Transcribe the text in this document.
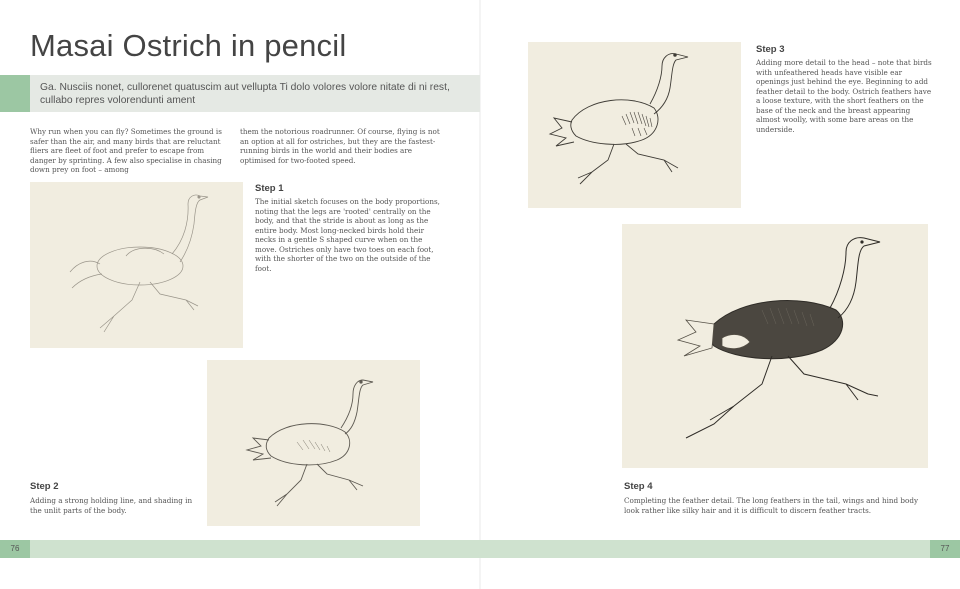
Masai Ostrich in pencil
Ga. Nusciis nonet, cullorenet quatuscim aut vellupta Ti dolo volores volore nitate di ni rest, cullabo repres volorendunti ament
Why run when you can fly? Sometimes the ground is safer than the air, and many birds that are reluctant fliers are fleet of foot and prefer to escape from danger by sprinting. A few also specialise in chasing down prey on foot – among
them the notorious roadrunner. Of course, flying is not an option at all for ostriches, but they are the fastest-running birds in the world and their bodies are optimised for two-footed speed.
Step 1
The initial sketch focuses on the body proportions, noting that the legs are 'rooted' centrally on the body, and that the stride is about as long as the entire body. Most long-necked birds hold their necks in a gentle S shaped curve when on the move. Ostriches only have two toes on each foot, with the shorter of the two on the outside of the foot.
Step 2
Adding a strong holding line, and shading in the unlit parts of the body.
Step 3
Adding more detail to the head – note that birds with unfeathered heads have visible ear openings just behind the eye. Beginning to add feather detail to the body. Ostrich feathers have a loose texture, with the short feathers on the base of the neck and the breast appearing almost woolly, with some bare areas on the underside.
Step 4
Completing the feather detail. The long feathers in the tail, wings and hind body look rather like silky hair and it is difficult to discern feather tracts.
76	77
